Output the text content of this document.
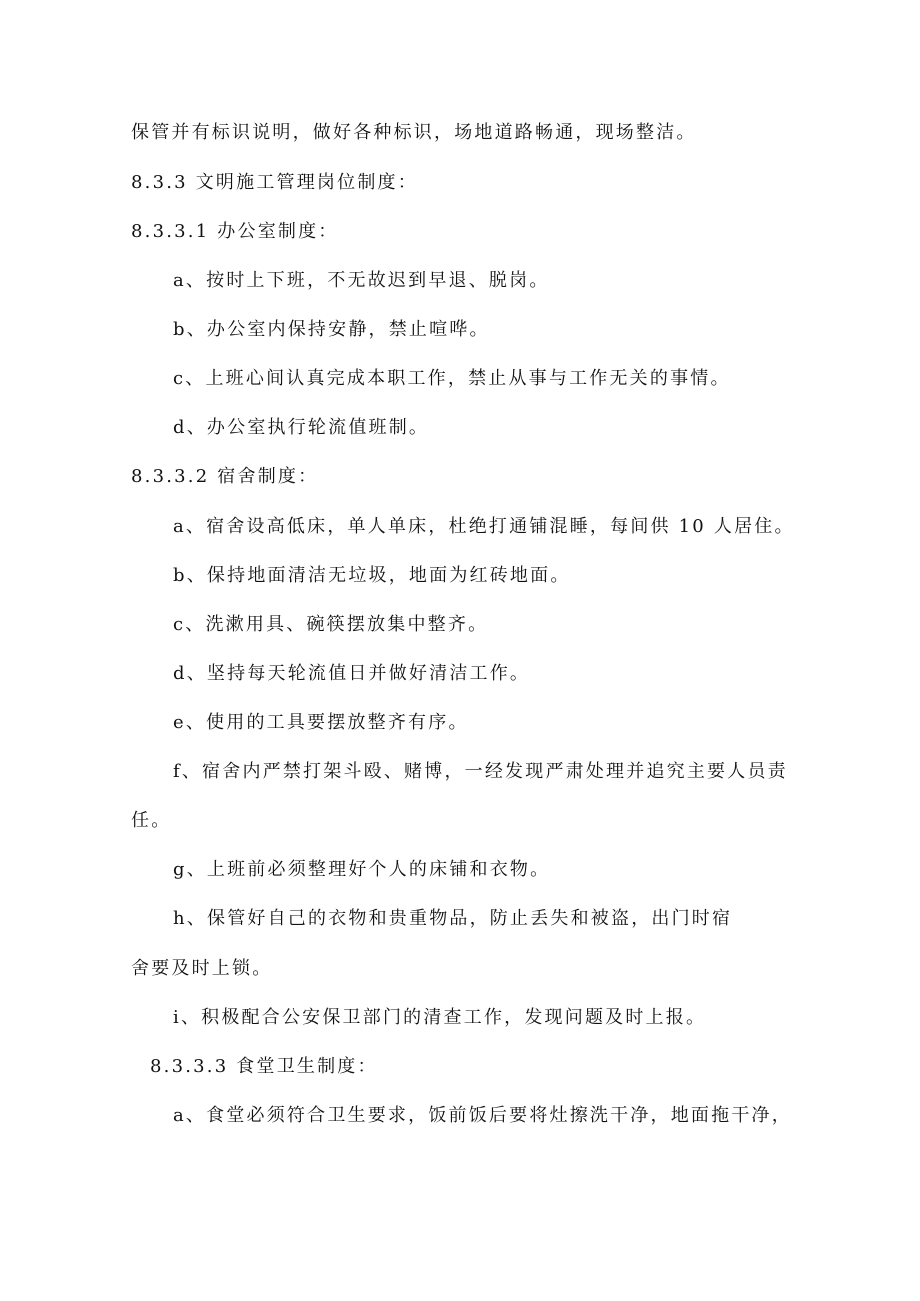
保管并有标识说明，做好各种标识，场地道路畅通，现场整洁。
8.3.3 文明施工管理岗位制度：
8.3.3.1 办公室制度：
a、按时上下班，不无故迟到早退、脱岗。
b、办公室内保持安静，禁止喧哗。
c、上班心间认真完成本职工作，禁止从事与工作无关的事情。
d、办公室执行轮流值班制。
8.3.3.2 宿舍制度：
a、宿舍设高低床，单人单床，杜绝打通铺混睡，每间供 10 人居住。
b、保持地面清洁无垃圾，地面为红砖地面。
c、洗漱用具、碗筷摆放集中整齐。
d、坚持每天轮流值日并做好清洁工作。
e、使用的工具要摆放整齐有序。
f、宿舍内严禁打架斗殴、赌博，一经发现严肃处理并追究主要人员责
任。
g、上班前必须整理好个人的床铺和衣物。
h、保管好自己的衣物和贵重物品，防止丢失和被盗，出门时宿
舍要及时上锁。
i、积极配合公安保卫部门的清查工作，发现问题及时上报。
8.3.3.3 食堂卫生制度：
a、食堂必须符合卫生要求，饭前饭后要将灶擦洗干净，地面拖干净，
